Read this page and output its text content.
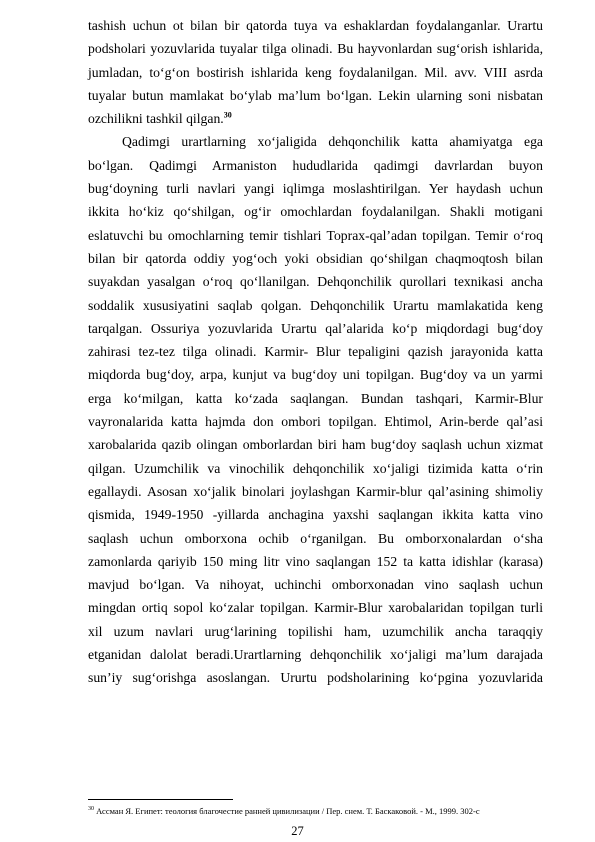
tashish uchun ot bilan bir qatorda tuya va eshaklardan foydalanganlar. Urartu
podsholari yozuvlarida tuyalar tilga olinadi. Bu hayvonlardan sug‘orish ishlarida,
jumladan, to‘g‘on bostirish ishlarida keng foydalanilgan. Mil. avv. VIII asrda
tuyalar butun mamlakat bo‘ylab ma’lum bo‘lgan. Lekin ularning soni nisbatan
ozchilikni tashkil qilgan.$^{30}$
Qadimgi urartlarning xo‘jaligida dehqonchilik katta ahamiyatga ega
bo‘lgan. Qadimgi Armaniston hududlarida qadimgi davrlardan buyon
bug‘doyning turli navlari yangi iqlimga moslashtirilgan. Yer haydash uchun
ikkita ho‘kiz qo‘shilgan, og‘ir omochlardan foydalanilgan. Shakli motigani
eslatuvchi bu omochlarning temir tishlari Toprax-qal’adan topilgan. Temir o‘roq
bilan bir qatorda oddiy yog‘och yoki obsidian qo‘shilgan chaqmoqtosh bilan
suyakdan yasalgan o‘roq qo‘llanilgan. Dehqonchilik qurollari texnikasi ancha
soddalik xususiyatini saqlab qolgan. Dehqonchilik Urartu mamlakatida keng
tarqalgan. Ossuriya yozuvlarida Urartu qal’alarida ko‘p miqdordagi bug‘doy
zahirasi tez-tez tilga olinadi. Karmir- Blur tepaligini qazish jarayonida katta
miqdorda bug‘doy, arpa, kunjut va bug‘doy uni topilgan. Bug‘doy va un yarmi
erga ko‘milgan, katta ko‘zada saqlangan. Bundan tashqari, Karmir-Blur
vayronalarida katta hajmda don ombori topilgan. Ehtimol, Arin-berde qal’asi
xarobalarida qazib olingan omborlardan biri ham bug‘doy saqlash uchun xizmat
qilgan. Uzumchilik va vinochilik dehqonchilik xo‘jaligi tizimida katta o‘rin
egallaydi. Asosan xo‘jalik binolari joylashgan Karmir-blur qal’asining shimoliy
qismida, 1949-1950 -yillarda anchagina yaxshi saqlangan ikkita katta vino
saqlash uchun omborxona ochib o‘rganilgan. Bu omborxonalardan o‘sha
zamonlarda qariyib 150 ming litr vino saqlangan 152 ta katta idishlar (karasa)
mavjud bo‘lgan. Va nihoyat, uchinchi omborxonadan vino saqlash uchun
mingdan ortiq sopol ko‘zalar topilgan. Karmir-Blur xarobalaridan topilgan turli
xil uzum navlari urug‘larining topilishi ham, uzumchilik ancha taraqqiy
etganidan dalolat beradi.Urartlarning dehqonchilik xo‘jaligi ma’lum darajada
sun’iy sug‘orishga asoslangan. Ururtu podsholarining ko‘pgina yozuvlarida
$^{30}$ Ассман Я. Египет: теология благочестие ранней цивилизации / Пер. снем. Т. Баскаковой. - М., 1999. 302-с
27
